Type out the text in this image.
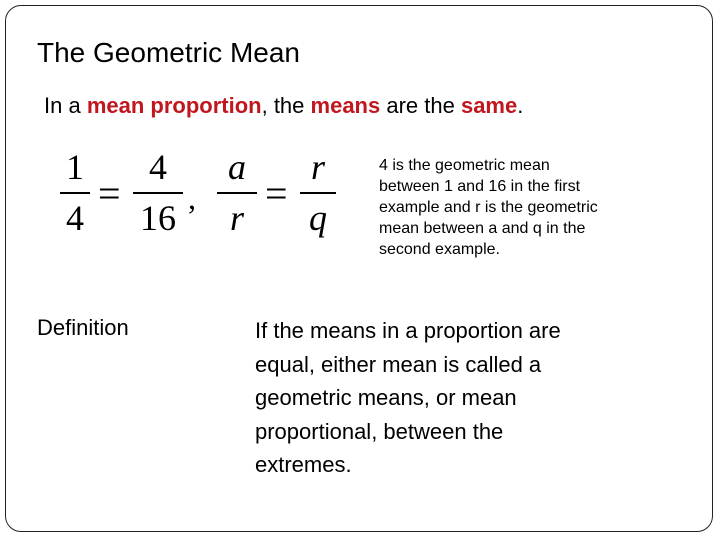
The Geometric Mean
In a mean proportion, the means are the same.
1
4
=
4
16 ,
a
r
=
r
q
4 is the geometric mean
between 1 and 16 in the first
example and r is the geometric
mean between a and q in the
second example.
Definition	If the means in a proportion are
equal, either mean is called a
geometric means, or mean
proportional, between the
extremes.
